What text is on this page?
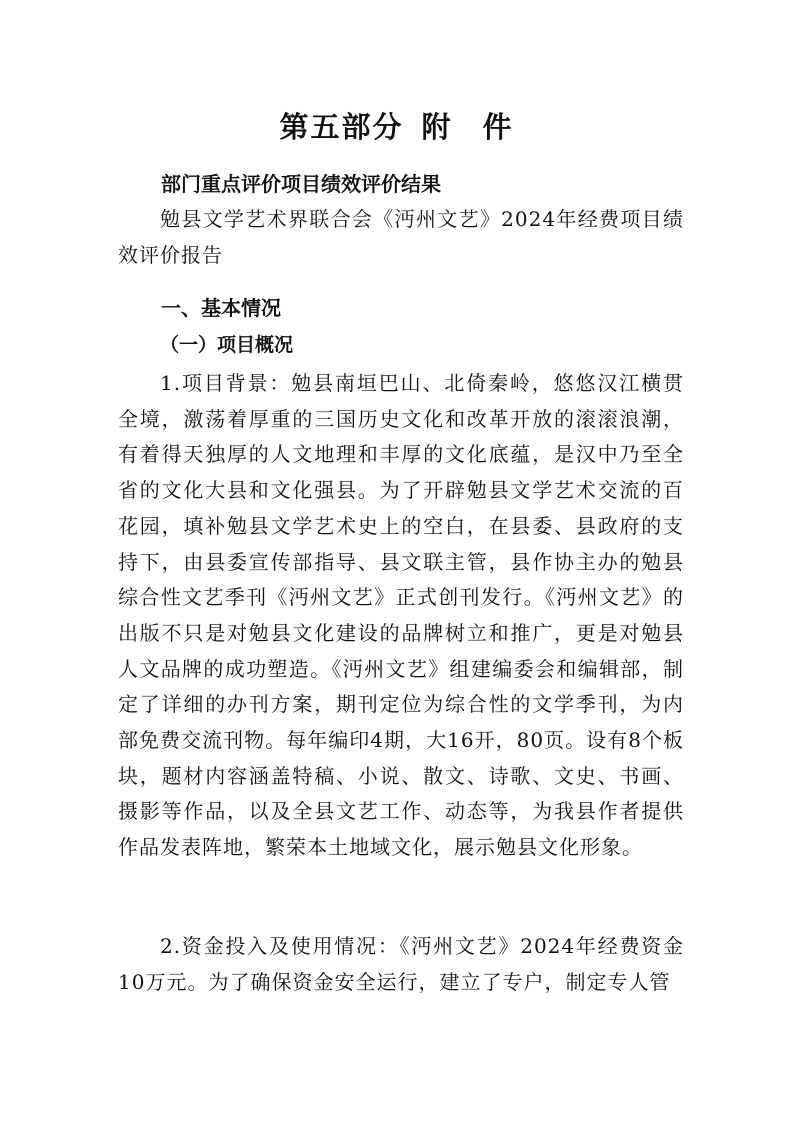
第五部分 附 件
部门重点评价项目绩效评价结果

勉县文学艺术界联合会《沔州文艺》2024年经费项目绩效评价报告

一、基本情况
（一）项目概况

1.项目背景：勉县南垣巴山、北倚秦岭，悠悠汉江横贯全境，激荡着厚重的三国历史文化和改革开放的滚滚浪潮，有着得天独厚的人文地理和丰厚的文化底蕴，是汉中乃至全省的文化大县和文化强县。为了开辟勉县文学艺术交流的百花园，填补勉县文学艺术史上的空白，在县委、县政府的支持下，由县委宣传部指导、县文联主管，县作协主办的勉县综合性文艺季刊《沔州文艺》正式创刊发行。《沔州文艺》的出版不只是对勉县文化建设的品牌树立和推广，更是对勉县人文品牌的成功塑造。《沔州文艺》组建编委会和编辑部，制定了详细的办刊方案，期刊定位为综合性的文学季刊，为内部免费交流刊物。每年编印4期，大16开，80页。设有8个板块，题材内容涵盖特稿、小说、散文、诗歌、文史、书画、摄影等作品，以及全县文艺工作、动态等，为我县作者提供作品发表阵地，繁荣本土地域文化，展示勉县文化形象。

2.资金投入及使用情况：《沔州文艺》2024年经费资金10万元。为了确保资金安全运行，建立了专户，制定专人管
